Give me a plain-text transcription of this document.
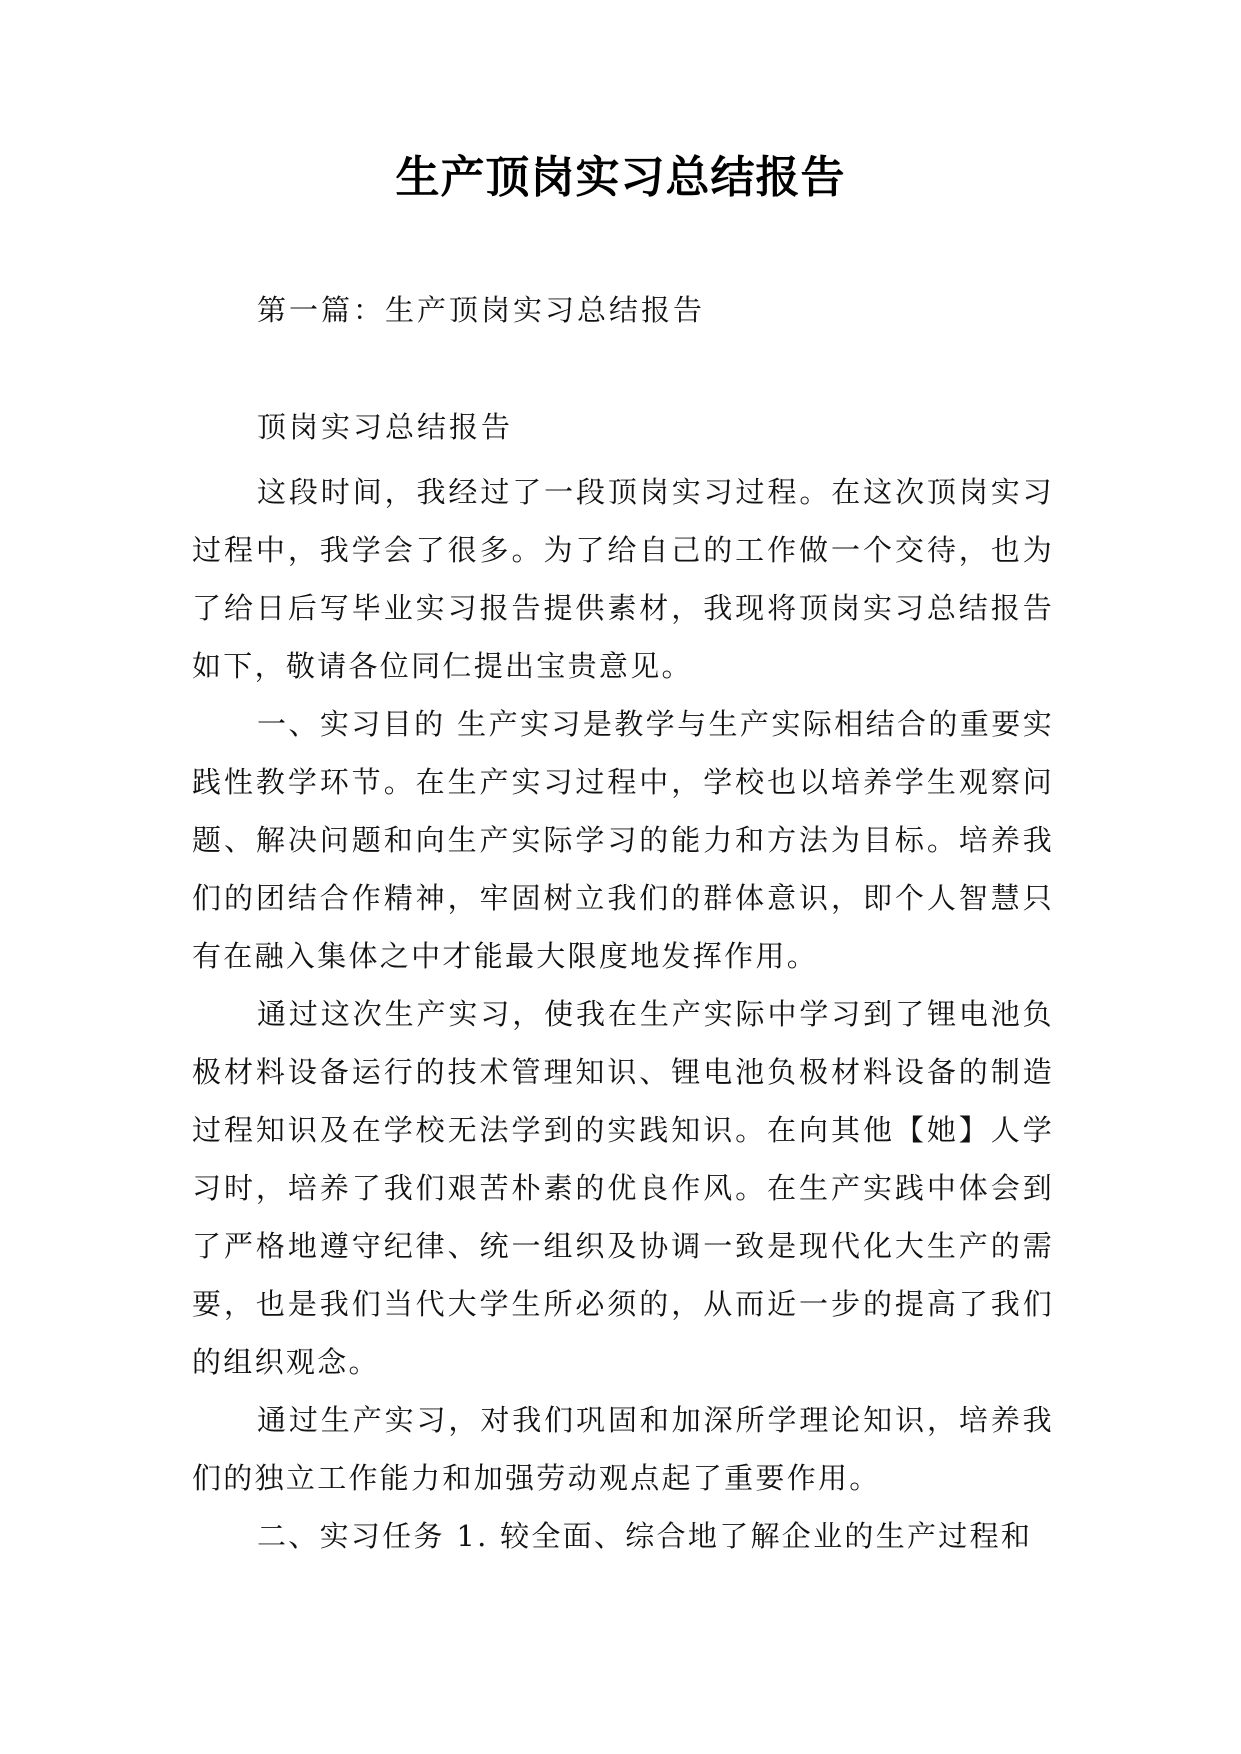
生产顶岗实习总结报告
第一篇：生产顶岗实习总结报告
顶岗实习总结报告

这段时间，我经过了一段顶岗实习过程。在这次顶岗实习过程中，我学会了很多。为了给自己的工作做一个交待，也为了给日后写毕业实习报告提供素材，我现将顶岗实习总结报告如下，敬请各位同仁提出宝贵意见。

一、实习目的 生产实习是教学与生产实际相结合的重要实践性教学环节。在生产实习过程中，学校也以培养学生观察问题、解决问题和向生产实际学习的能力和方法为目标。培养我们的团结合作精神，牢固树立我们的群体意识，即个人智慧只有在融入集体之中才能最大限度地发挥作用。

通过这次生产实习，使我在生产实际中学习到了锂电池负极材料设备运行的技术管理知识、锂电池负极材料设备的制造过程知识及在学校无法学到的实践知识。在向其他【她】人学习时，培养了我们艰苦朴素的优良作风。在生产实践中体会到了严格地遵守纪律、统一组织及协调一致是现代化大生产的需要，也是我们当代大学生所必须的，从而近一步的提高了我们的组织观念。

通过生产实习，对我们巩固和加深所学理论知识，培养我们的独立工作能力和加强劳动观点起了重要作用。

二、实习任务 1. 较全面、综合地了解企业的生产过程和
